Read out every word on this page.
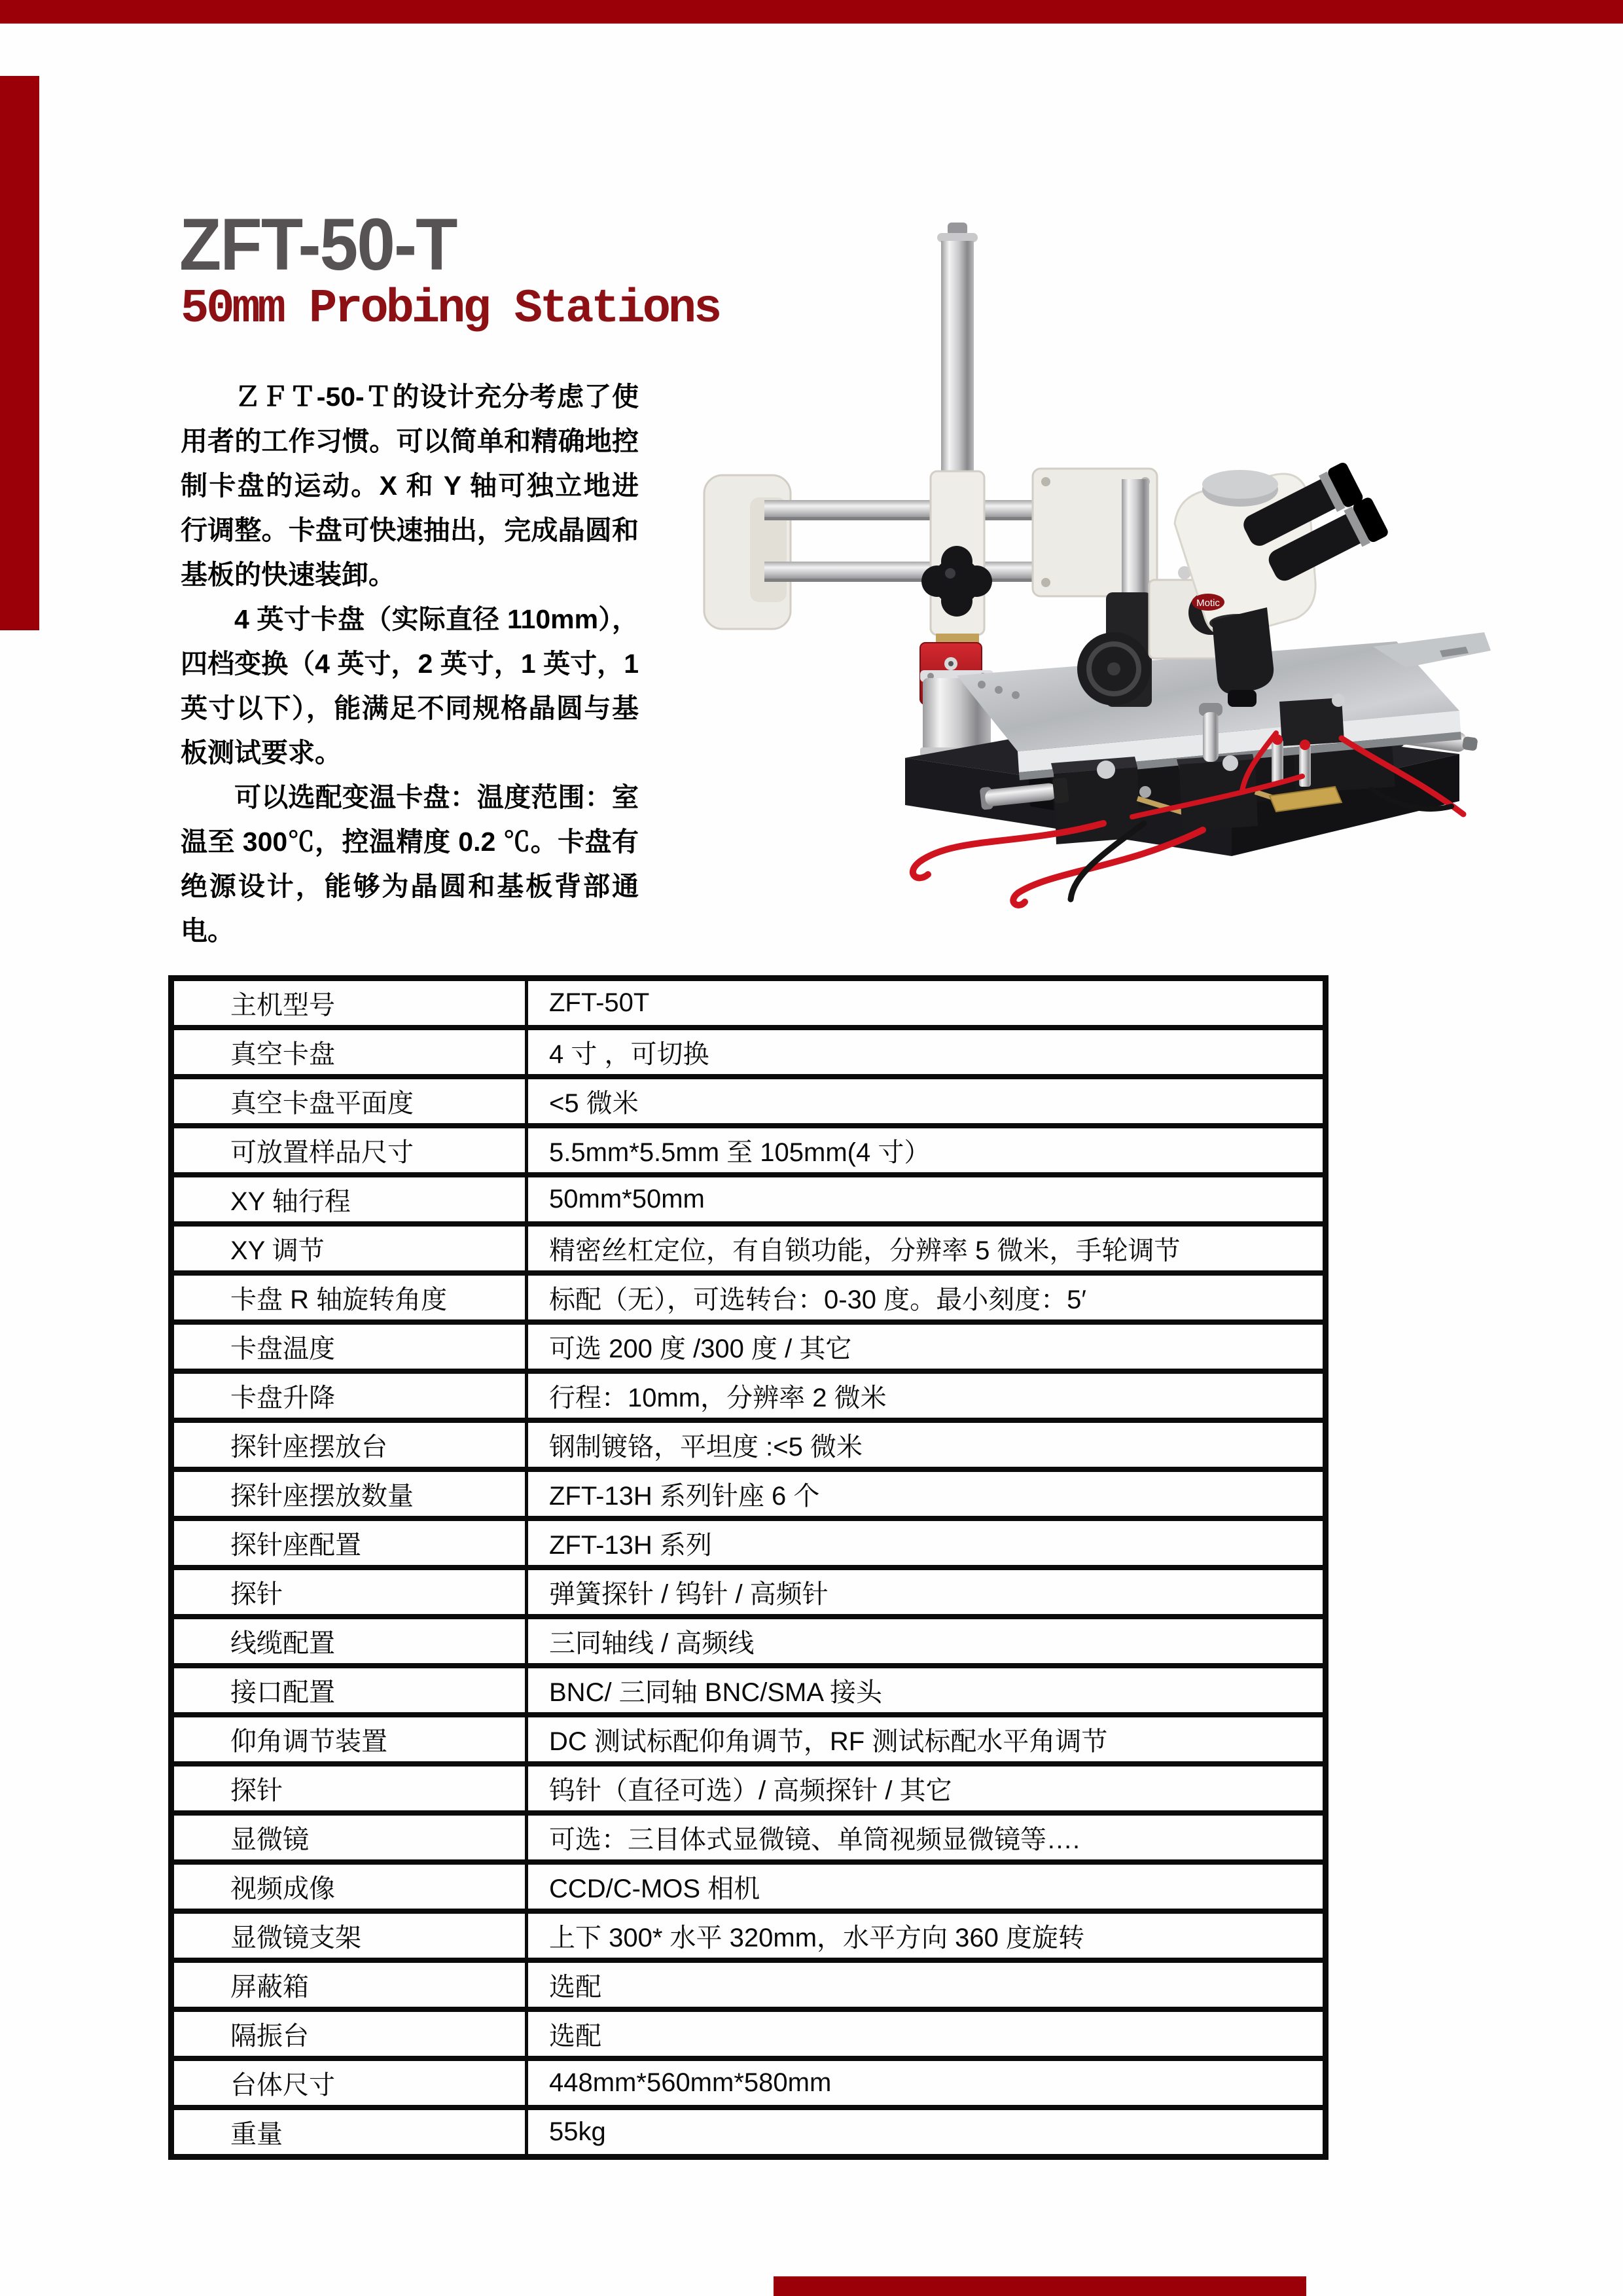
ZFT-50-T
50mm Probing Stations

ＺＦＴ-50-Ｔ的设计充分考虑了使用者的工作习惯。可以简单和精确地控制卡盘的运动。X 和 Y 轴可独立地进行调整。卡盘可快速抽出，完成晶圆和基板的快速装卸。

4 英寸卡盘（实际直径 110mm），四档变换（4 英寸，2 英寸，1 英寸，1 英寸以下），能满足不同规格晶圆与基板测试要求。

可以选配变温卡盘：温度范围：室温至 300℃，控温精度 0.2 ℃。卡盘有绝源设计，能够为晶圆和基板背部通电。

Motic
主机型号	ZFT-50T
真空卡盘	4 寸 ，可切换
真空卡盘平面度	<5 微米
可放置样品尺寸	5.5mm*5.5mm 至 105mm(4 寸）
XY 轴行程	50mm*50mm
XY 调节	精密丝杠定位，有自锁功能，分辨率 5 微米，手轮调节
卡盘 R 轴旋转角度	标配（无），可选转台：0-30 度。最小刻度：5′
卡盘温度	可选 200 度 /300 度 / 其它
卡盘升降	行程：10mm，分辨率 2 微米
探针座摆放台	钢制镀铬，平坦度 :<5 微米
探针座摆放数量	ZFT-13H 系列针座 6 个
探针座配置	ZFT-13H 系列
探针	弹簧探针 / 钨针 / 高频针
线缆配置	三同轴线 / 高频线
接口配置	BNC/ 三同轴 BNC/SMA 接头
仰角调节装置	DC 测试标配仰角调节，RF 测试标配水平角调节
探针	钨针（直径可选）/ 高频探针 / 其它
显微镜	可选：三目体式显微镜、单筒视频显微镜等….
视频成像	CCD/C-MOS 相机
显微镜支架	上下 300* 水平 320mm，水平方向 360 度旋转
屏蔽箱	选配
隔振台	选配
台体尺寸	448mm*560mm*580mm
重量	55kg
